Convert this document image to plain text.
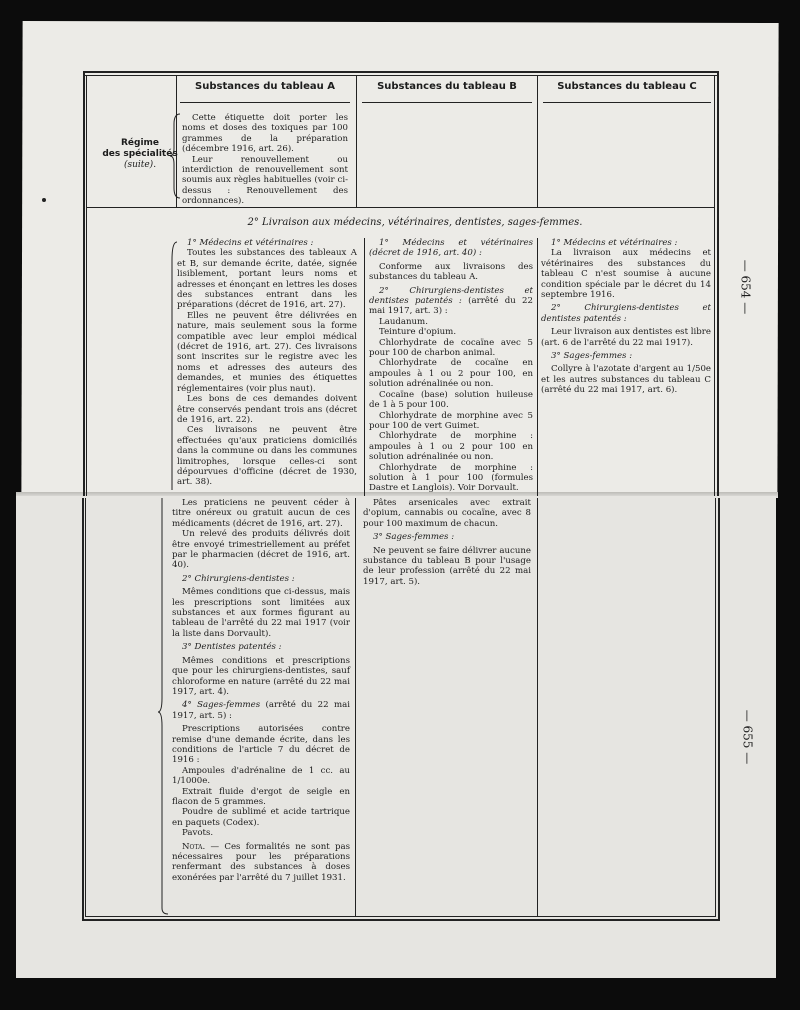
Substances du tableau A	Substances du tableau B	Substances du tableau C
Régime
des spécialités
(suite).

Cette étiquette doit porter les noms et doses des toxiques par 100 grammes de la préparation (décembre 1916, art. 26).

Leur renouvellement ou interdiction de renouvellement sont soumis aux règles habituelles (voir ci-dessus : Renouvellement des ordonnances).

2° Livraison aux médecins, vétérinaires, dentistes, sages-femmes.

1° Médecins et vétérinaires :

Toutes les substances des tableaux A et B, sur demande écrite, datée, signée lisiblement, portant leurs noms et adresses et énonçant en lettres les doses des substances entrant dans les préparations (décret de 1916, art. 27).

Elles ne peuvent être délivrées en nature, mais seulement sous la forme compatible avec leur emploi médical (décret de 1916, art. 27). Ces livraisons sont inscrites sur le registre avec les noms et adresses des auteurs des demandes, et munies des étiquettes réglementaires (voir plus naut).

Les bons de ces demandes doivent être conservés pendant trois ans (décret de 1916, art. 22).

Ces livraisons ne peuvent être effectuées qu'aux praticiens domiciliés dans la commune ou dans les communes limitrophes, lorsque celles-ci sont dépourvues d'officine (décret de 1930, art. 38).

1° Médecins et vétérinaires (décret de 1916, art. 40) :

Conforme aux livraisons des substances du tableau A.

2° Chirurgiens-dentistes et dentistes patentés : (arrêté du 22 mai 1917, art. 3) :

Laudanum.

Teinture d'opium.

Chlorhydrate de cocaïne avec 5 pour 100 de charbon animal.

Chlorhydrate de cocaïne en ampoules à 1 ou 2 pour 100, en solution adrénalinée ou non.

Cocaïne (base) solution huileuse de 1 à 5 pour 100.

Chlorhydrate de morphine avec 5 pour 100 de vert Guimet.

Chlorhydrate de morphine : ampoules à 1 ou 2 pour 100 en solution adrénalinée ou non.

Chlorhydrate de morphine : solution à 1 pour 100 (formules Dastre et Langlois). Voir Dorvault.

1° Médecins et vétérinaires :

La livraison aux médecins et vétérinaires des substances du tableau C n'est soumise à aucune condition spéciale par le décret du 14 septembre 1916.

2° Chirurgiens-dentistes et dentistes patentés :

Leur livraison aux dentistes est libre (art. 6 de l'arrêté du 22 mai 1917).

3° Sages-femmes :

Collyre à l'azotate d'argent au 1/50e et les autres substances du tableau C (arrêté du 22 mai 1917, art. 6).

— 654 —

Les praticiens ne peuvent céder à titre onéreux ou gratuit aucun de ces médicaments (décret de 1916, art. 27).

Un relevé des produits délivrés doit être envoyé trimestriellement au préfet par le pharmacien (décret de 1916, art. 40).

2° Chirurgiens-dentistes :

Mêmes conditions que ci-dessus, mais les prescriptions sont limitées aux substances et aux formes figurant au tableau de l'arrêté du 22 mai 1917 (voir la liste dans Dorvault).

3° Dentistes patentés :

Mêmes conditions et prescriptions que pour les chirurgiens-dentistes, sauf chloroforme en nature (arrêté du 22 mai 1917, art. 4).

4° Sages-femmes (arrêté du 22 mai 1917, art. 5) :

Prescriptions autorisées contre remise d'une demande écrite, dans les conditions de l'article 7 du décret de 1916 :

Ampoules d'adrénaline de 1 cc. au 1/1000e.

Extrait fluide d'ergot de seigle en flacon de 5 grammes.

Poudre de sublimé et acide tartrique en paquets (Codex).

Pavots.

Nota. — Ces formalités ne sont pas nécessaires pour les préparations renfermant des substances à doses exonérées par l'arrêté du 7 juillet 1931.

Pâtes arsenicales avec extrait d'opium, cannabis ou cocaïne, avec 8 pour 100 maximum de chacun.

3° Sages-femmes :

Ne peuvent se faire délivrer aucune substance du tableau B pour l'usage de leur profession (arrêté du 22 mai 1917, art. 5).

— 655 —
